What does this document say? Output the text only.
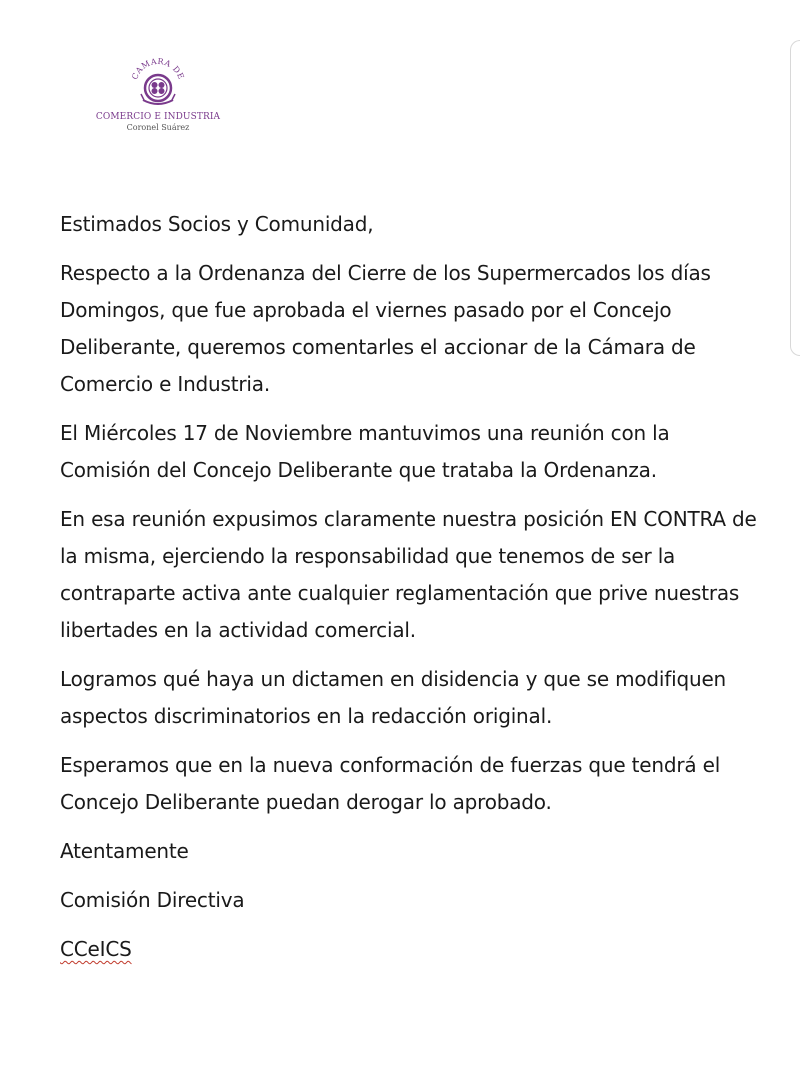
CAMARA DE
COMERCIO E INDUSTRIA
Coronel Suárez

Estimados Socios y Comunidad,

Respecto a la Ordenanza del Cierre de los Supermercados los días Domingos, que fue aprobada el viernes pasado por el Concejo Deliberante, queremos comentarles el accionar de la Cámara de Comercio e Industria.

El Miércoles 17 de Noviembre mantuvimos una reunión con la Comisión del Concejo Deliberante que trataba la Ordenanza.

En esa reunión expusimos claramente nuestra posición EN CONTRA de la misma, ejerciendo la responsabilidad que tenemos de ser la contraparte activa ante cualquier reglamentación que prive nuestras libertades en la actividad comercial.

Logramos qué haya un dictamen en disidencia y que se modifiquen aspectos discriminatorios en la redacción original.

Esperamos que en la nueva conformación de fuerzas que tendrá el Concejo Deliberante puedan derogar lo aprobado.

Atentamente

Comisión Directiva

CCeICS
